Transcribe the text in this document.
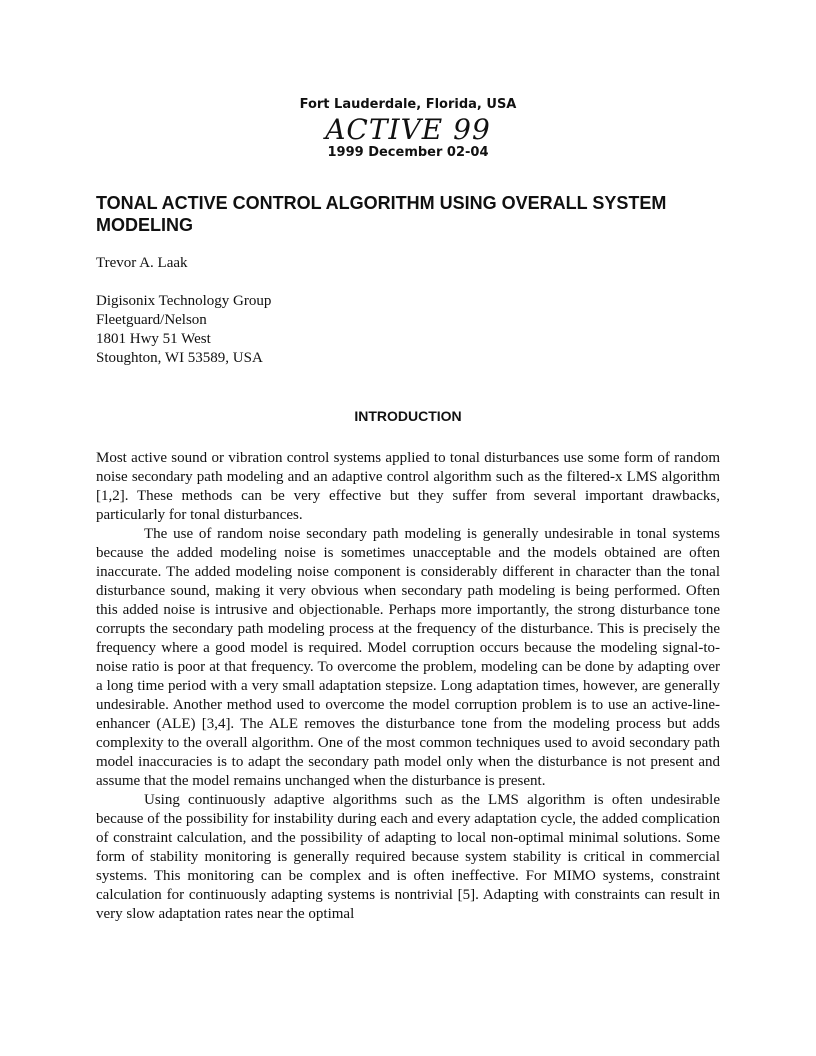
Fort Lauderdale, Florida, USA
ACTIVE 99
1999 December 02-04
TONAL ACTIVE CONTROL ALGORITHM USING OVERALL SYSTEM MODELING
Trevor A. Laak
Digisonix Technology Group
Fleetguard/Nelson
1801 Hwy 51 West
Stoughton, WI 53589, USA
INTRODUCTION

Most active sound or vibration control systems applied to tonal disturbances use some form of random noise secondary path modeling and an adaptive control algorithm such as the filtered-x LMS algorithm [1,2]. These methods can be very effective but they suffer from several important drawbacks, particularly for tonal disturbances.

The use of random noise secondary path modeling is generally undesirable in tonal systems because the added modeling noise is sometimes unacceptable and the models obtained are often inaccurate. The added modeling noise component is considerably different in character than the tonal disturbance sound, making it very obvious when secondary path modeling is being performed. Often this added noise is intrusive and objectionable. Perhaps more importantly, the strong disturbance tone corrupts the secondary path modeling process at the frequency of the disturbance. This is precisely the frequency where a good model is required. Model corruption occurs because the modeling signal-to-noise ratio is poor at that frequency. To overcome the problem, modeling can be done by adapting over a long time period with a very small adaptation stepsize. Long adaptation times, however, are generally undesirable. Another method used to overcome the model corruption problem is to use an active-line-enhancer (ALE) [3,4]. The ALE removes the disturbance tone from the modeling process but adds complexity to the overall algorithm. One of the most common techniques used to avoid secondary path model inaccuracies is to adapt the secondary path model only when the disturbance is not present and assume that the model remains unchanged when the disturbance is present.

Using continuously adaptive algorithms such as the LMS algorithm is often undesirable because of the possibility for instability during each and every adaptation cycle, the added complication of constraint calculation, and the possibility of adapting to local non-optimal minimal solutions. Some form of stability monitoring is generally required because system stability is critical in commercial systems. This monitoring can be complex and is often ineffective. For MIMO systems, constraint calculation for continuously adapting systems is nontrivial [5]. Adapting with constraints can result in very slow adaptation rates near the optimal
